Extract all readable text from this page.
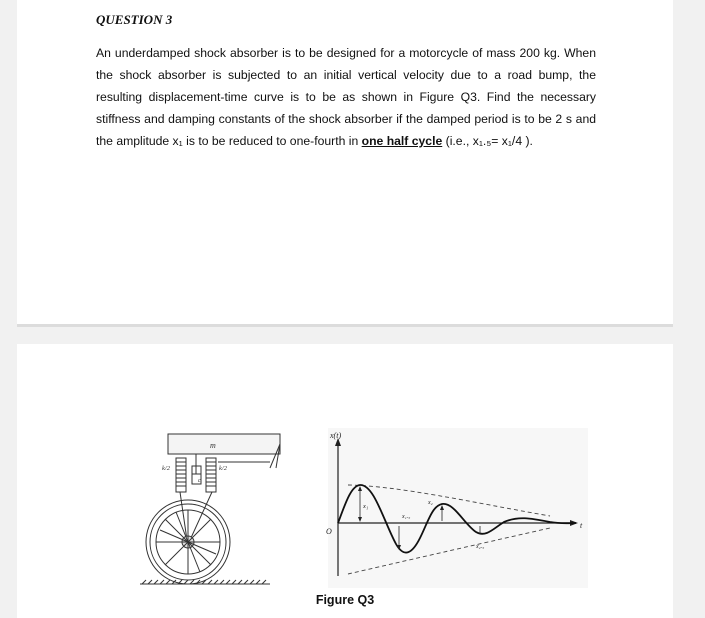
QUESTION 3

An underdamped shock absorber is to be designed for a motorcycle of mass 200 kg. When the shock absorber is subjected to an initial vertical velocity due to a road bump, the resulting displacement-time curve is to be as shown in Figure Q3. Find the necessary stiffness and damping constants of the shock absorber if the damped period is to be 2 s and the amplitude x₁ is to be reduced to one-fourth in one half cycle (i.e., x₁.₅= x₁/4 ).

m
k/2	k/2
c
x(t)
O
t
x₁
x₁.₅
x₂
x₂.₅
Figure Q3
